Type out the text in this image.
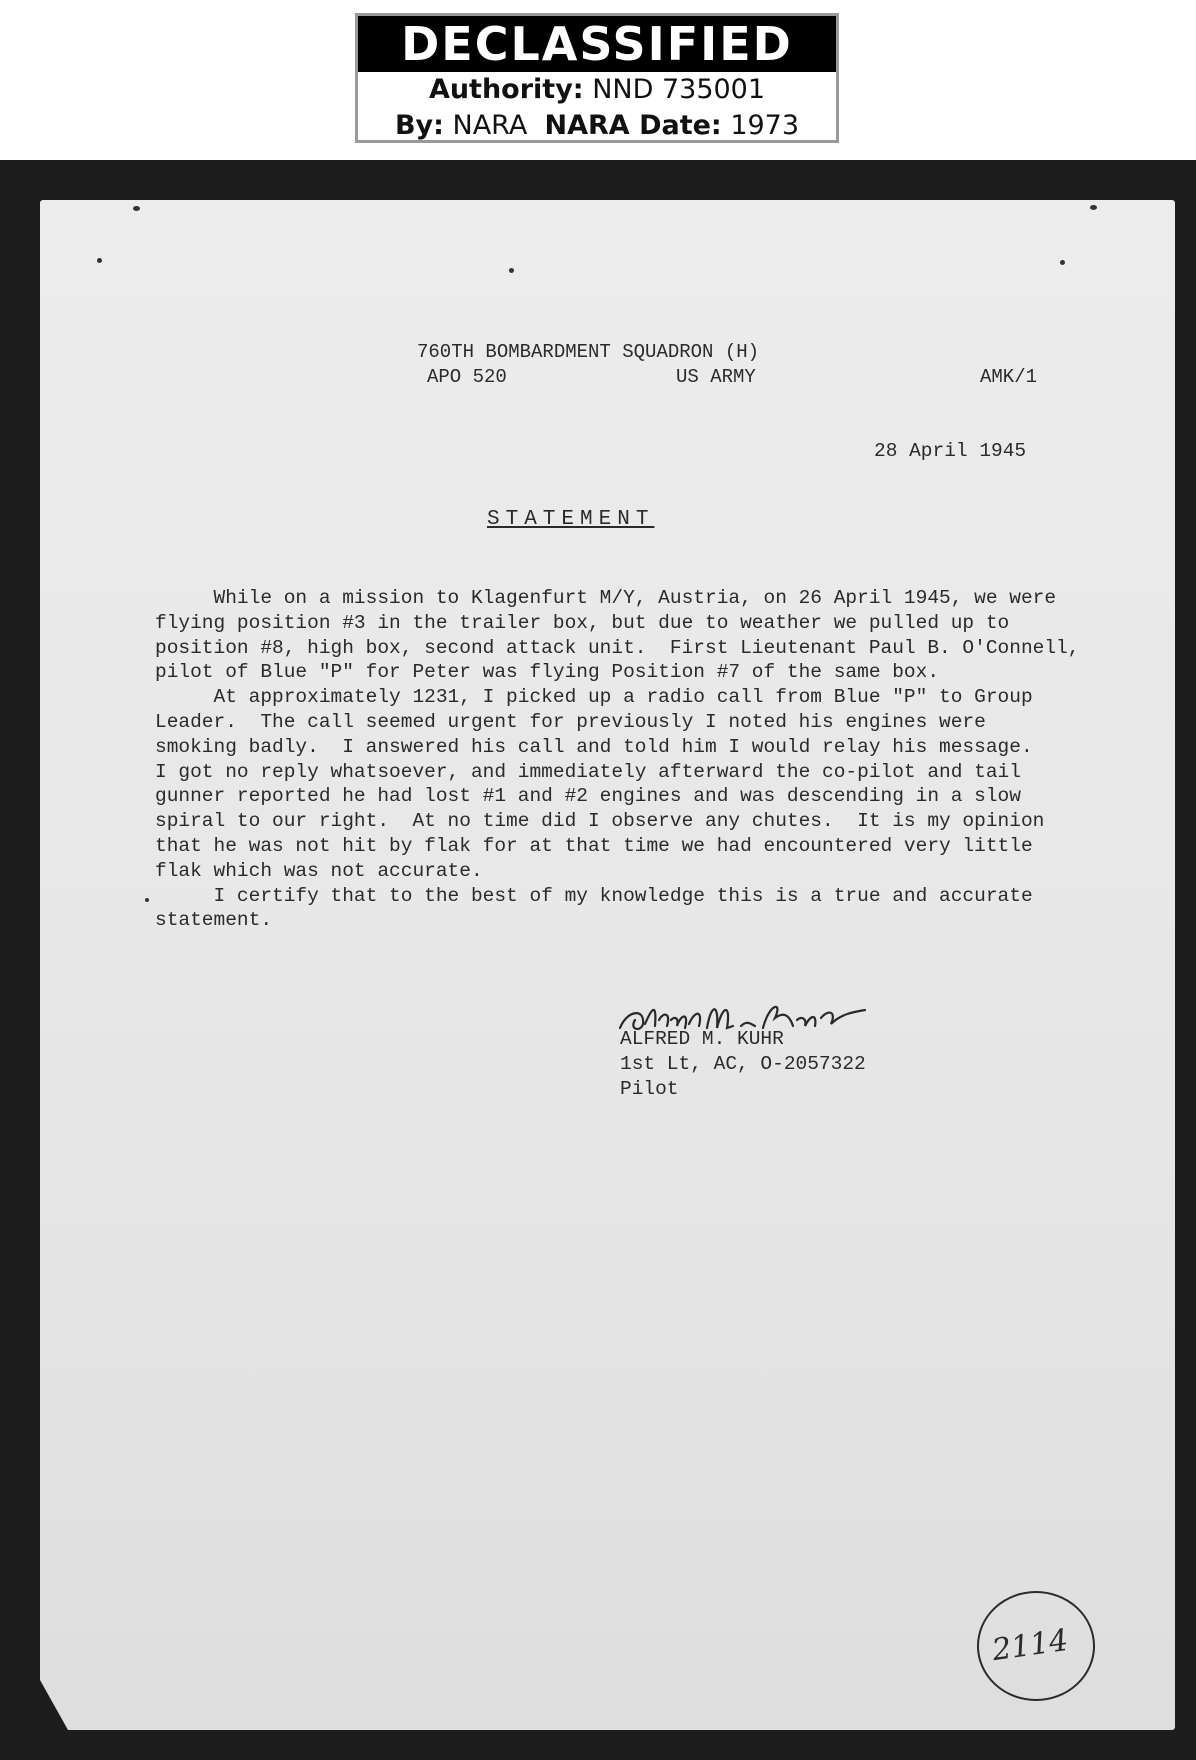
DECLASSIFIED
Authority: NND 735001
By: NARA NARA Date: 1973
760TH BOMBARDMENT SQUADRON (H)
APO 520	US ARMY	AMK/1
28 April 1945
STATEMENT
While on a mission to Klagenfurt M/Y, Austria, on 26 April 1945, we were
flying position #3 in the trailer box, but due to weather we pulled up to
position #8, high box, second attack unit.  First Lieutenant Paul B. O'Connell,
pilot of Blue "P" for Peter was flying Position #7 of the same box.
At approximately 1231, I picked up a radio call from Blue "P" to Group
Leader.  The call seemed urgent for previously I noted his engines were
smoking badly.  I answered his call and told him I would relay his message.
I got no reply whatsoever, and immediately afterward the co-pilot and tail
gunner reported he had lost #1 and #2 engines and was descending in a slow
spiral to our right.  At no time did I observe any chutes.  It is my opinion
that he was not hit by flak for at that time we had encountered very little
flak which was not accurate.
I certify that to the best of my knowledge this is a true and accurate
statement.
ALFRED M. KUHR
1st Lt, AC, O-2057322
Pilot
2114
